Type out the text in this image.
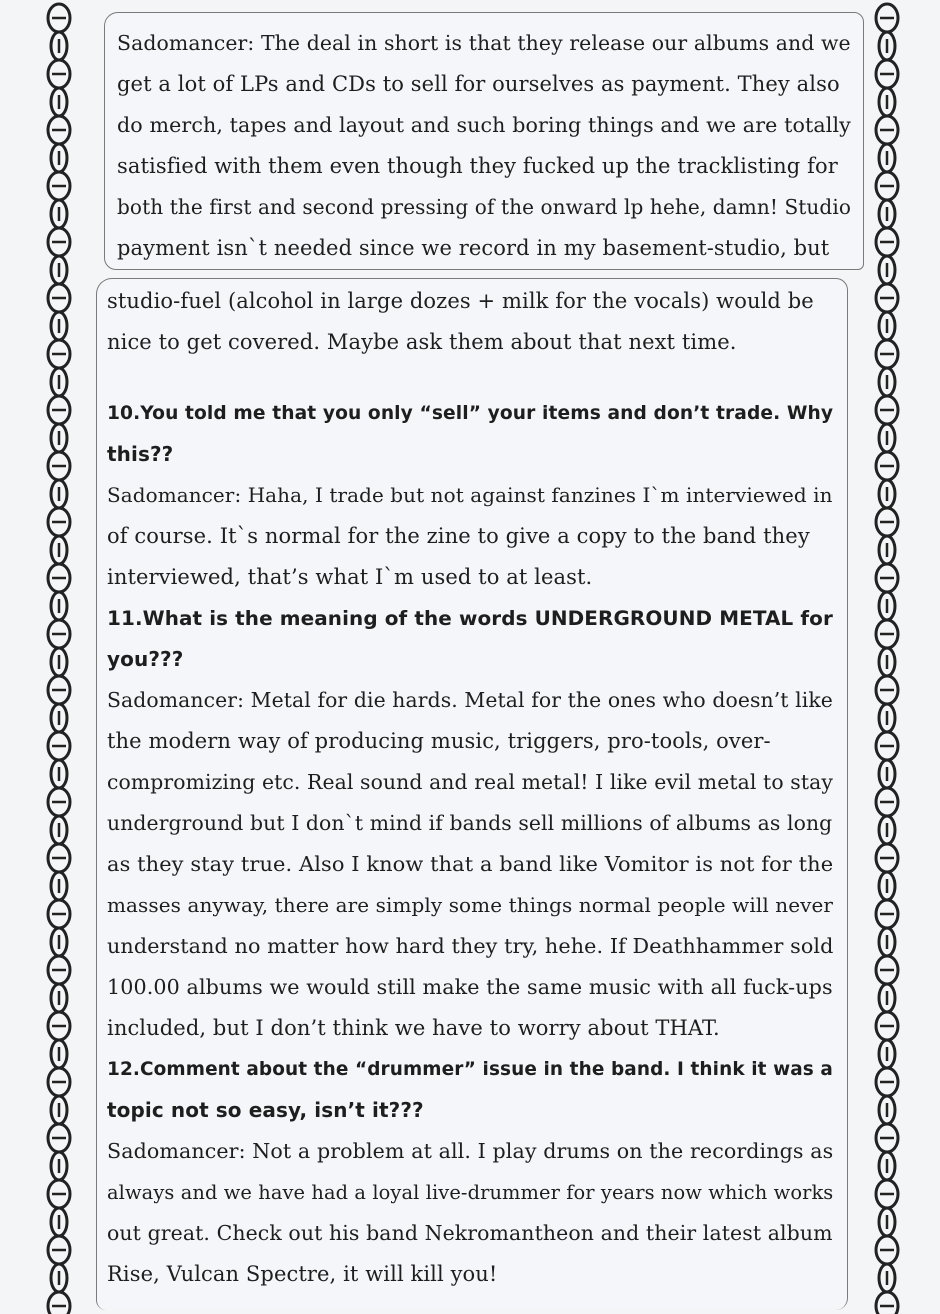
Sadomancer: The deal in short is that they release our albums and we
get a lot of LPs and CDs to sell for ourselves as payment. They also
do merch, tapes and layout and such boring things and we are totally
satisfied with them even though they fucked up the tracklisting for
both the first and second pressing of the onward lp hehe, damn! Studio
payment isn`t needed since we record in my basement-studio, but
studio-fuel (alcohol in large dozes + milk for the vocals) would be
nice to get covered. Maybe ask them about that next time.
10.You told me that you only “sell” your items and don’t trade. Why
this??
Sadomancer: Haha, I trade but not against fanzines I`m interviewed in
of course. It`s normal for the zine to give a copy to the band they
interviewed, that’s what I`m used to at least.
11.What is the meaning of the words UNDERGROUND METAL for
you???
Sadomancer: Metal for die hards. Metal for the ones who doesn’t like
the modern way of producing music, triggers, pro-tools, over-
compromizing etc. Real sound and real metal! I like evil metal to stay
underground but I don`t mind if bands sell millions of albums as long
as they stay true. Also I know that a band like Vomitor is not for the
masses anyway, there are simply some things normal people will never
understand no matter how hard they try, hehe. If Deathhammer sold
100.00 albums we would still make the same music with all fuck-ups
included, but I don’t think we have to worry about THAT.
12.Comment about the “drummer” issue in the band. I think it was a
topic not so easy, isn’t it???
Sadomancer: Not a problem at all. I play drums on the recordings as
always and we have had a loyal live-drummer for years now which works
out great. Check out his band Nekromantheon and their latest album
Rise, Vulcan Spectre, it will kill you!
